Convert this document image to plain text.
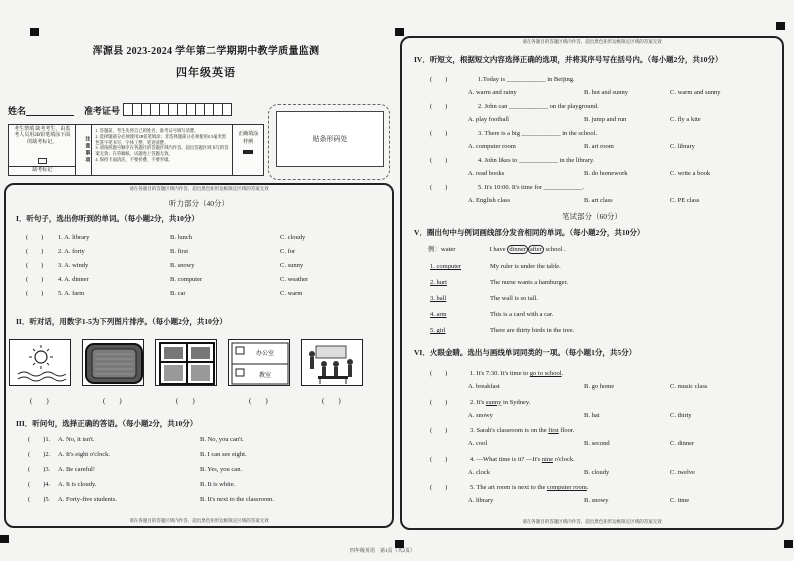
浑源县 2023-2024 学年第二学期期中教学质量监测
四年级英语
姓名	准考证号
考生禁填 缺考考生，由监考人员用2B铅笔填涂下面的缺考标记。
缺考标记
注意事项
1. 答题前，考生先将自己的姓名、准考证号填写清楚。
2. 选择题部分必须使用2B铅笔填涂；非选择题部分必须使用0.5毫米黑色签字笔书写，字体工整、笔迹清楚。
3. 请按照题号顺序在各题目的答题区域内作答，超出答题区域书写的答案无效；在草稿纸、试题卷上答题无效。
4. 保持卡面清洁，不要折叠、不要弄破。
正确填涂
样例	贴条形码处
请在各题目的答题区域内作答，超出黑色矩形边框限定区域的答案无效
请在各题目的答题区域内作答，超出黑色矩形边框限定区域的答案无效
听力部分（40分）
I．听句子，选出你听到的单词。（每小题2分，共10分）
(　　) 1. A. library	B. lunch	C. cloudy
(　　) 2. A. forty	B. first	C. for
(　　) 3. A. windy	B. snowy	C. sunny
(　　) 4. A. dinner	B. computer	C. weather
(　　) 5. A. farm	B. car	C. warm
II．听对话，用数字1-5为下列图片排序。（每小题2分，共10分）
办公室
教室
(　　)	(　　)	(　　)	(　　)	(　　)
III．听问句，选择正确的答语。（每小题2分，共10分）
(　　)1. A. No, it isn't.	B. No, you can't.
(　　)2. A. It's eight o'clock.	B. I can see eight.
(　　)3. A. Be careful!	B. Yes, you can.
(　　)4. A. It is cloudy.	B. It is white.
(　　)5. A. Forty-five students.	B. It's next to the classroom.
请在各题目的答题区域内作答，超出黑色矩形边框限定区域的答案无效
请在各题目的答题区域内作答，超出黑色矩形边框限定区域的答案无效
IV．听短文，根据短文内容选择正确的选项，并将其序号写在括号内。（每小题2分，共10分）
(　　)	1.Today is ____________ in Beijing.
A. warm and rainy	B. hot and sunny	C. warm and sunny
(　　)	2. John can ____________ on the playground.
A. play football	B. jump and run	C. fly a kite
(　　)	3. There is a big ____________ in the school.
A. computer room	B. art room	C. library
(　　)	4. John likes to ____________ in the library.
A. read books	B. do homework	C. write a book
(　　)	5. It's 10:00. It's time for ____________.
A. English class	B. art class	C. PE class
笔试部分（60分）
V．圈出句中与例词画线部分发音相同的单词。（每小题2分，共10分）
例：water	I have dinner after school .
1. computer	My ruler is under the table.
2. hurt	The nurse wants a hamburger.
3. ball	The wall is so tall.
4. arm	This is a card with a car.
5. girl	There are thirty birds in the tree.
VI．火眼金睛。选出与画线单词同类的一项。（每小题1分，共5分）
(　　)	1. It's 7:30. It's time to go to school.
A. breakfast	B. go home	C. music class
(　　)	2. It's sunny in Sydney.
A. snowy	B. hat	C. thirty
(　　)	3. Sarah's classroom is on the first floor.
A. cool	B. second	C. dinner
(　　)	4. —What time is it? —It's nine o'clock.
A. clock	B. cloudy	C. twelve
(　　)	5. The art room is next to the computer room.
A. library	B. snowy	C. time
四年级英语　第1页（共2页）
